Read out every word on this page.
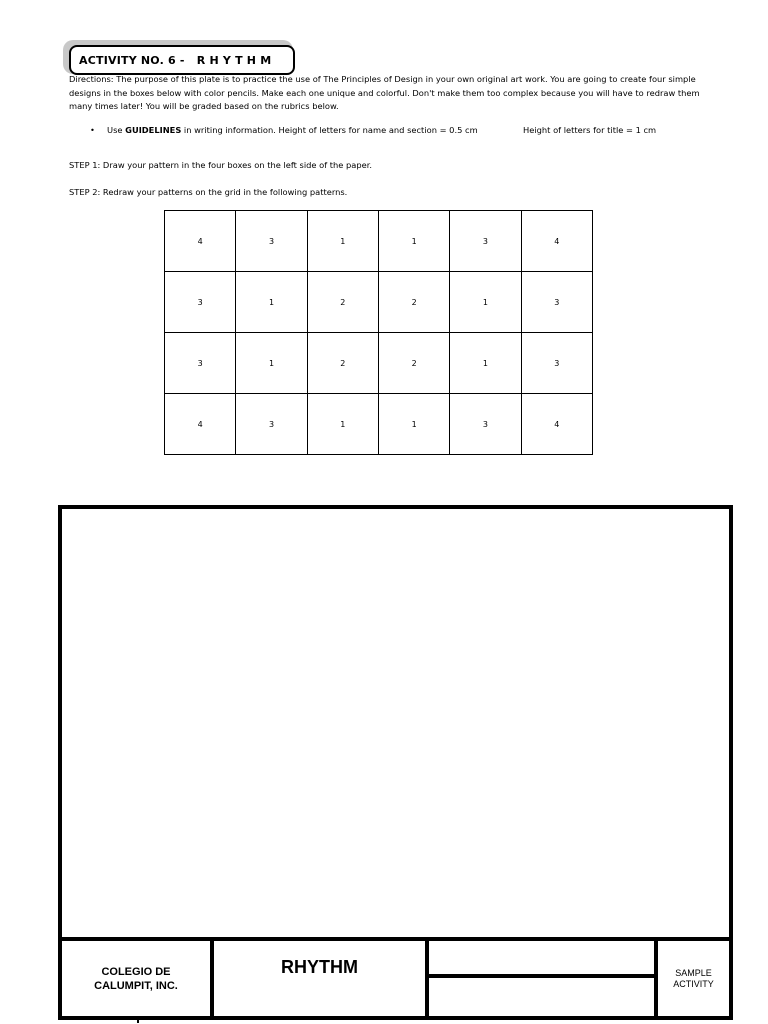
ACTIVITY NO. 6 -   R H Y T H M
Directions: The purpose of this plate is to practice the use of The Principles of Design in your own original art work. You are going to create four simple designs in the boxes below with color pencils. Make each one unique and colorful. Don't make them too complex because you will have to redraw them many times later! You will be graded based on the rubrics below.
• Use GUIDELINES in writing information. Height of letters for name and section = 0.5 cm	Height of letters for title = 1 cm
STEP 1: Draw your pattern in the four boxes on the left side of the paper.
STEP 2: Redraw your patterns on the grid in the following patterns.
4	3	1	1	3	4
3	1	2	2	1	3
3	1	2	2	1	3
4	3	1	1	3	4
COLEGIO DE
CALUMPIT, INC.
RHYTHM	SAMPLE
ACTIVITY
